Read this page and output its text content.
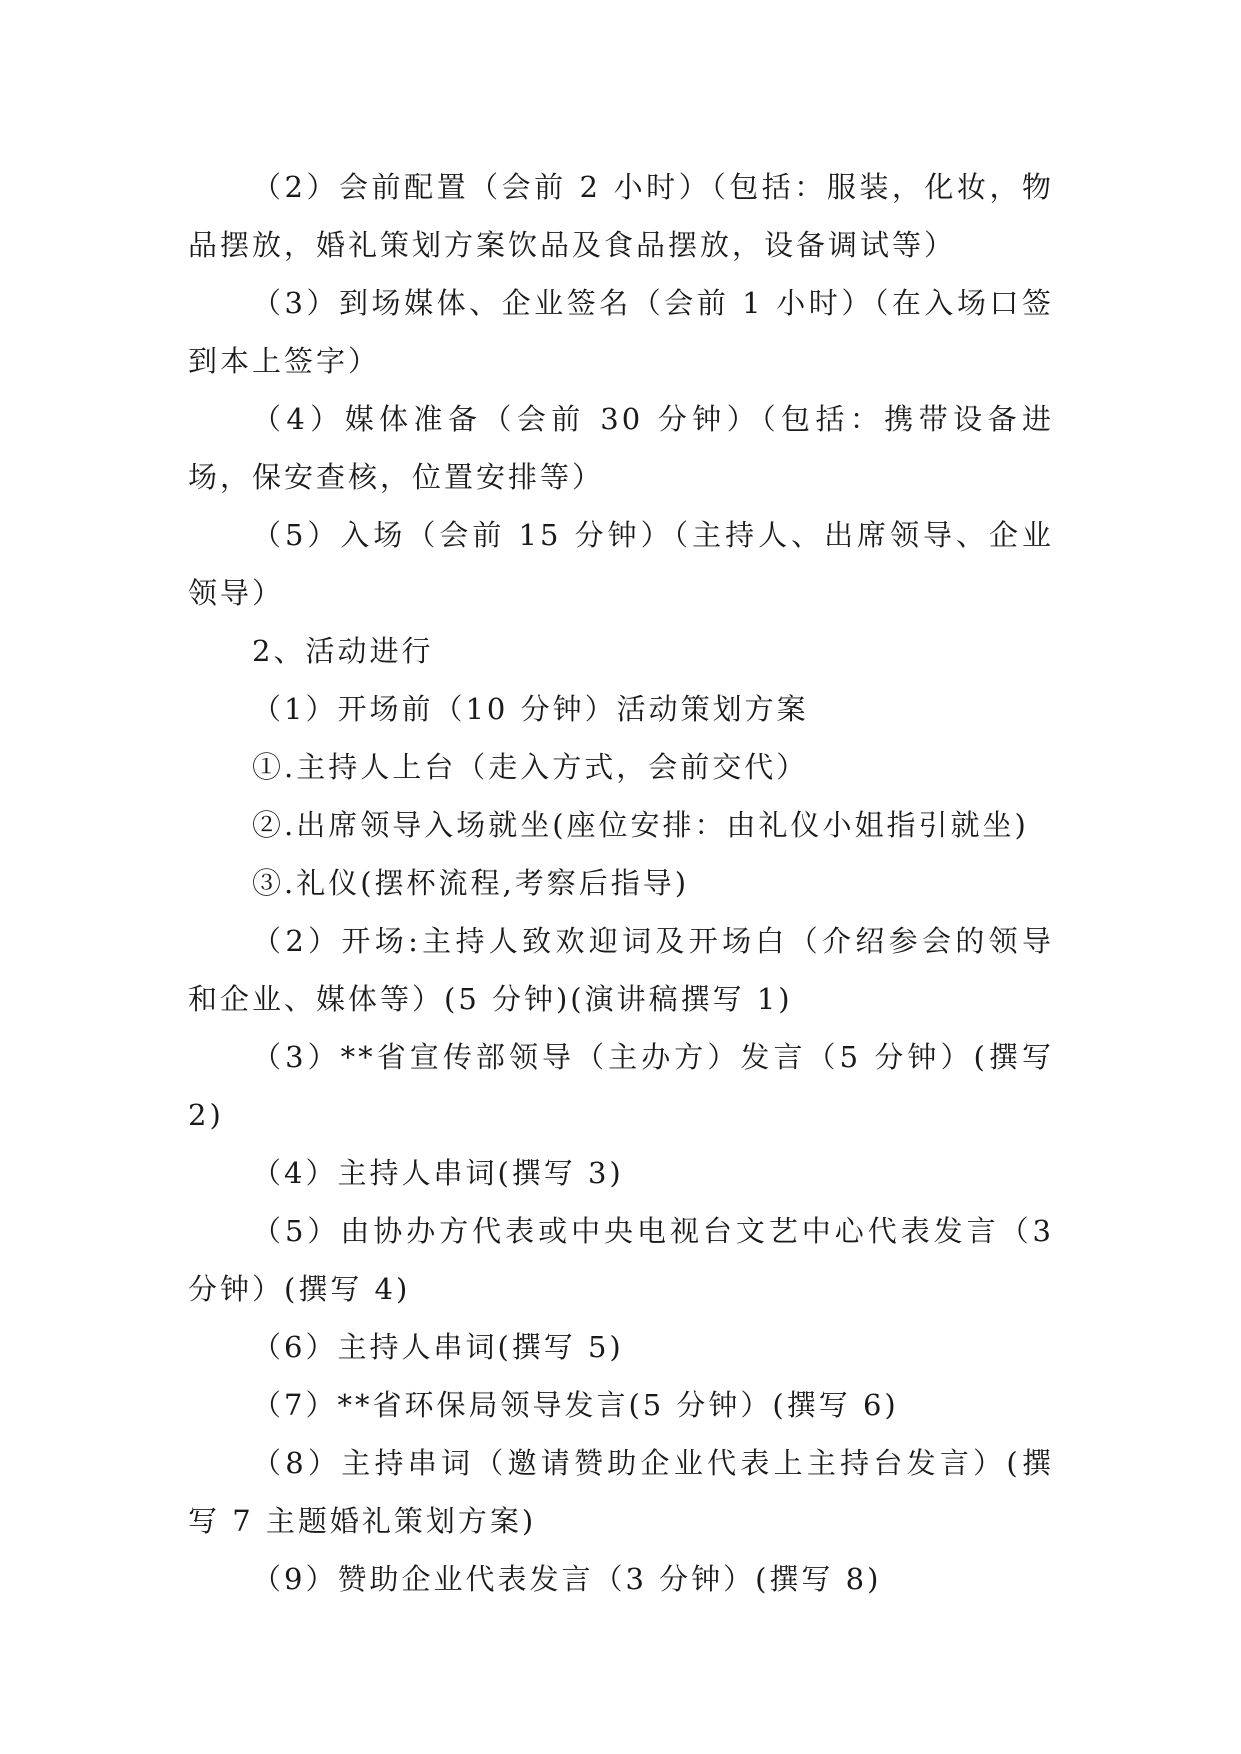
（2）会前配置（会前 2 小时）（包括：服装，化妆，物品摆放，婚礼策划方案饮品及食品摆放，设备调试等）

（3）到场媒体、企业签名（会前 1 小时）（在入场口签到本上签字）

（4）媒体准备（会前 30 分钟）（包括：携带设备进场，保安查核，位置安排等）

（5）入场（会前 15 分钟）（主持人、出席领导、企业领导）

2、活动进行

（1）开场前（10 分钟）活动策划方案

①.主持人上台（走入方式，会前交代）

②.出席领导入场就坐(座位安排：由礼仪小姐指引就坐)

③.礼仪(摆杯流程,考察后指导)

（2）开场:主持人致欢迎词及开场白（介绍参会的领导和企业、媒体等）(5 分钟)(演讲稿撰写 1)

（3）**省宣传部领导（主办方）发言（5 分钟）(撰写 2)

（4）主持人串词(撰写 3)

（5）由协办方代表或中央电视台文艺中心代表发言（3 分钟）(撰写 4)

（6）主持人串词(撰写 5)

（7）**省环保局领导发言(5 分钟）(撰写 6)

（8）主持串词（邀请赞助企业代表上主持台发言）(撰写 7 主题婚礼策划方案)

（9）赞助企业代表发言（3 分钟）(撰写 8)
